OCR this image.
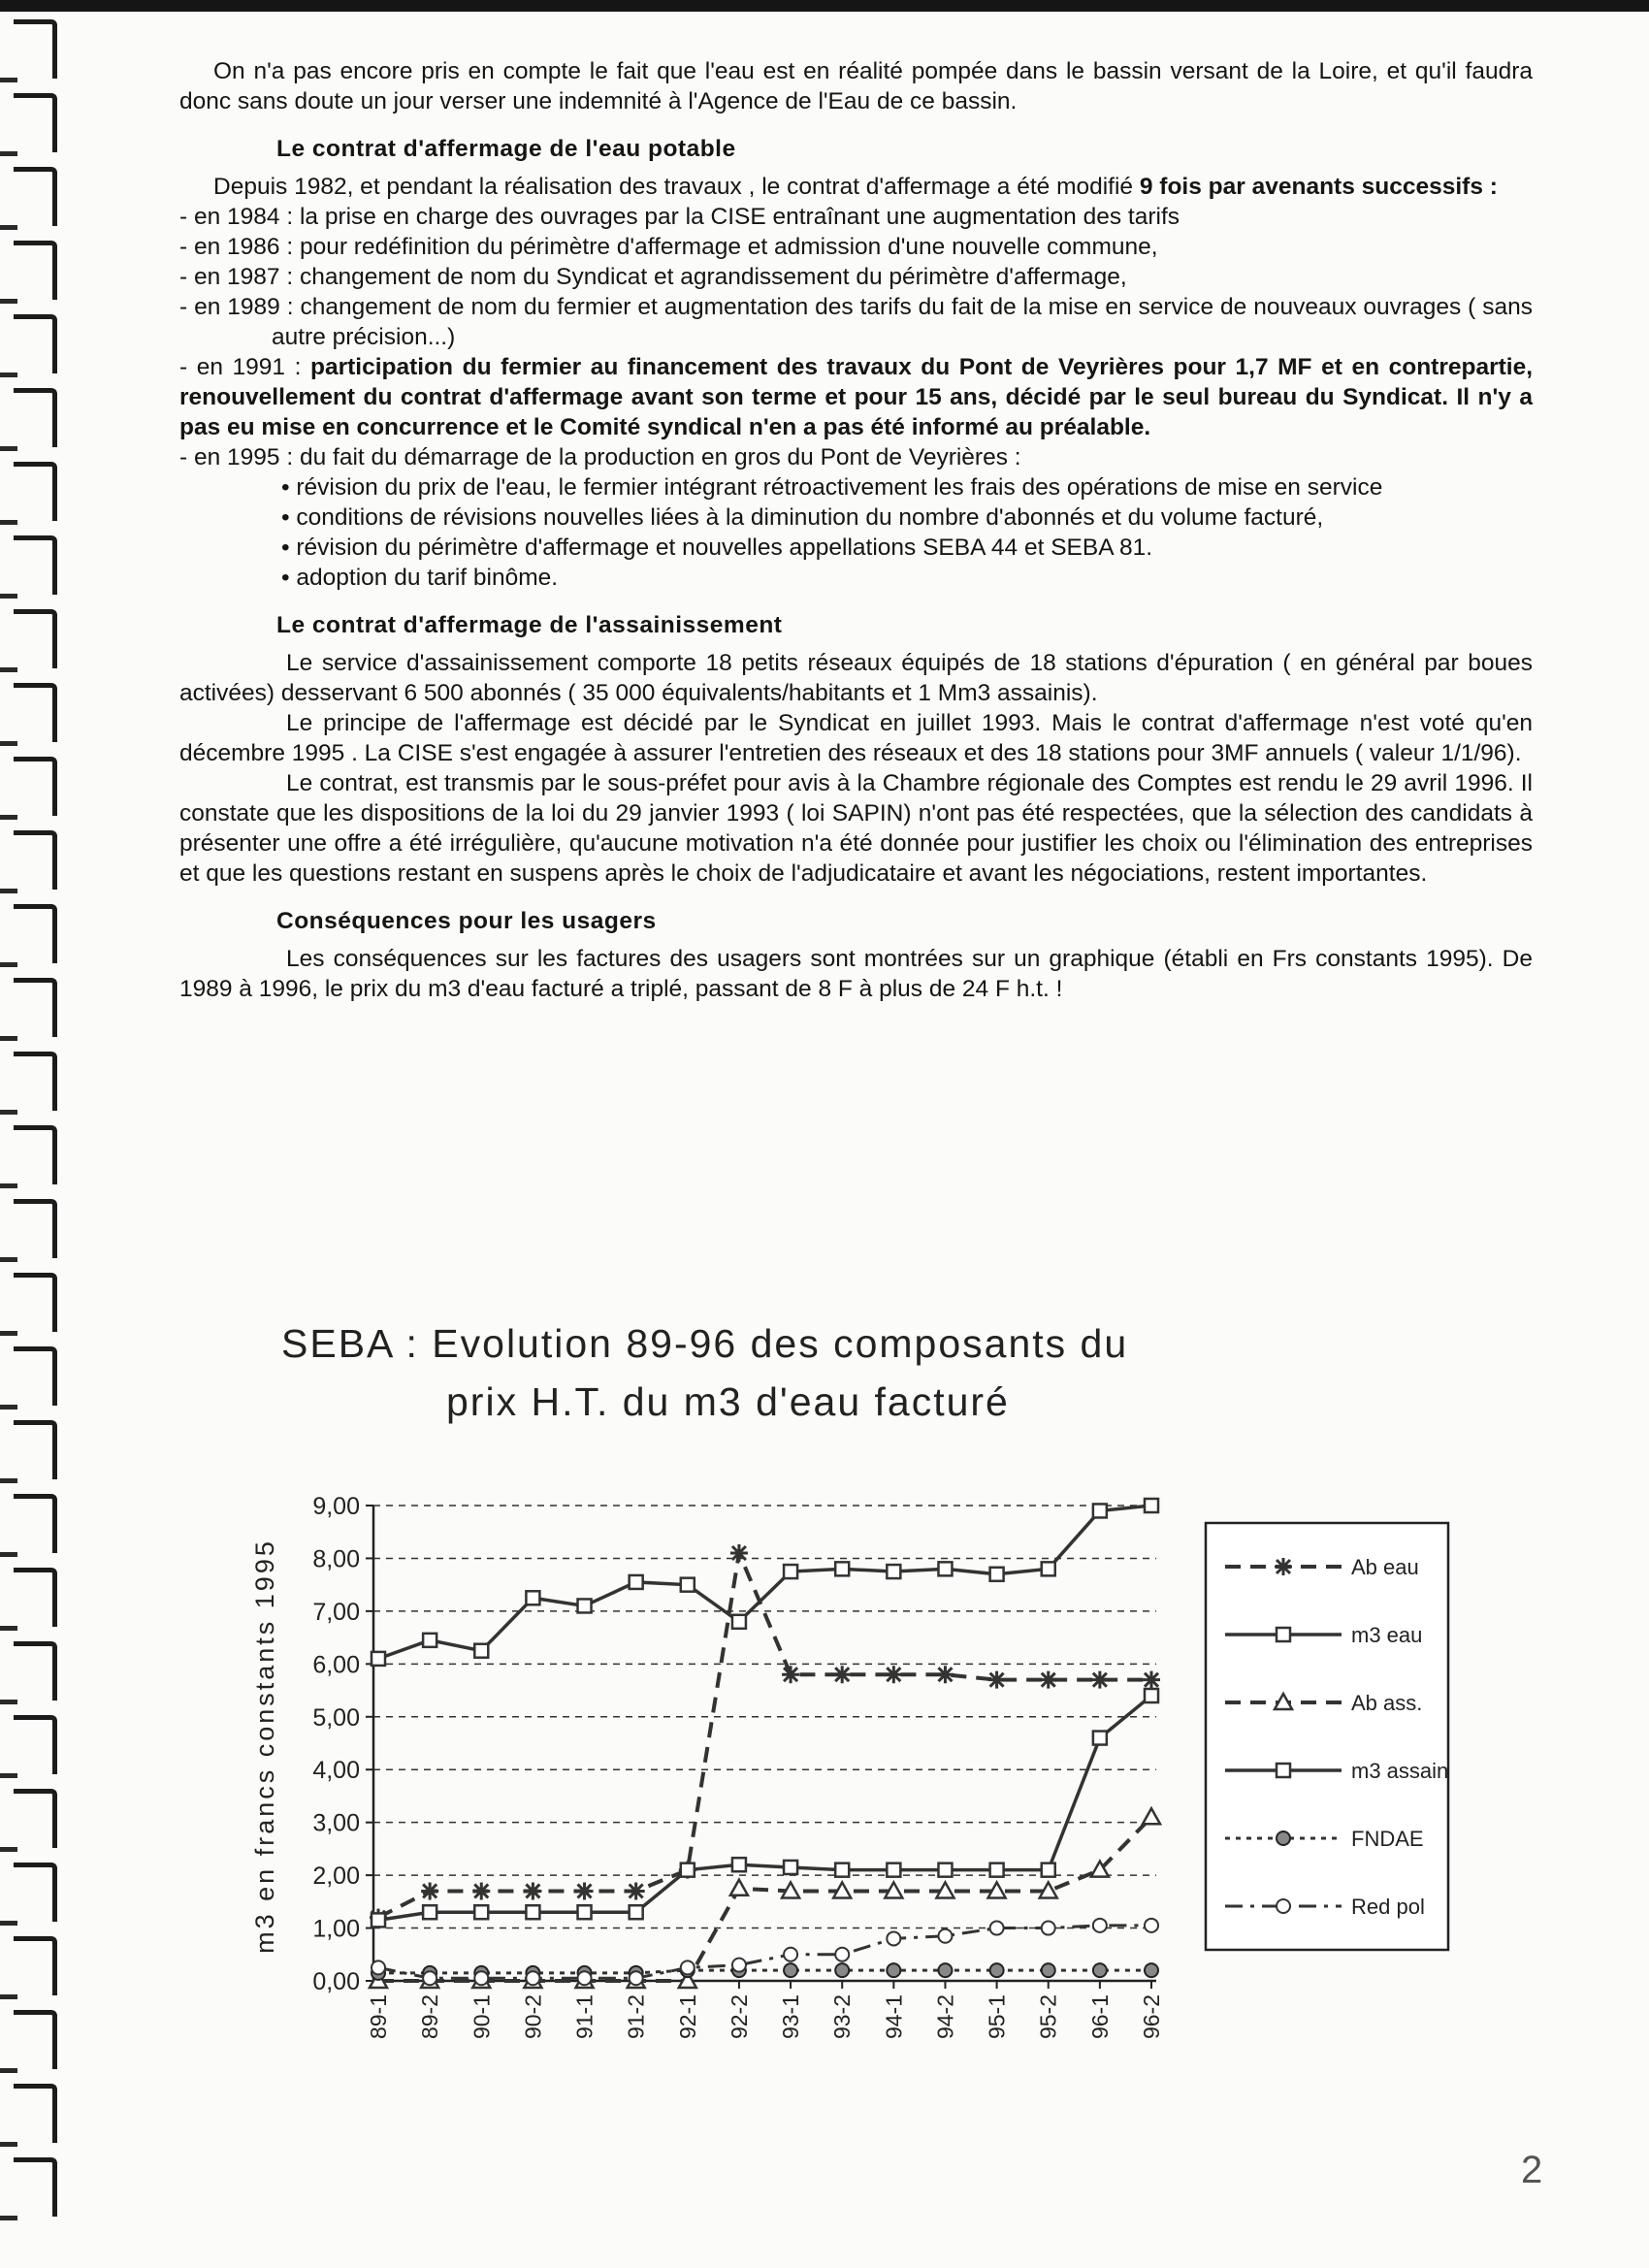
On n'a pas encore pris en compte le fait que l'eau est en réalité pompée dans le bassin versant de la Loire, et qu'il faudra donc sans doute un jour verser une indemnité à l'Agence de l'Eau de ce bassin.

Le contrat d'affermage de l'eau potable

Depuis 1982, et pendant la réalisation des travaux , le contrat d'affermage a été modifié 9 fois par avenants successifs :

- en 1984 : la prise en charge des ouvrages par la CISE entraînant une augmentation des tarifs

- en 1986 : pour redéfinition du périmètre d'affermage et admission d'une nouvelle commune,

- en 1987 : changement de nom du Syndicat et agrandissement du périmètre d'affermage,

- en 1989 : changement de nom du fermier et augmentation des tarifs du fait de la mise en service de nouveaux ouvrages ( sans autre précision...)

- en 1991 : participation du fermier au financement des travaux du Pont de Veyrières pour 1,7 MF et en contrepartie, renouvellement du contrat d'affermage avant son terme et pour 15 ans, décidé par le seul bureau du Syndicat. Il n'y a pas eu mise en concurrence et le Comité syndical n'en a pas été informé au préalable.

- en 1995 : du fait du démarrage de la production en gros du Pont de Veyrières :

• révision du prix de l'eau, le fermier intégrant rétroactivement les frais des opérations de mise en service

• conditions de révisions nouvelles liées à la diminution du nombre d'abonnés et du volume facturé,

• révision du périmètre d'affermage et nouvelles appellations SEBA 44 et SEBA 81.

• adoption du tarif binôme.

Le contrat d'affermage de l'assainissement

Le service d'assainissement comporte 18 petits réseaux équipés de 18 stations d'épuration ( en général par boues activées) desservant 6 500 abonnés ( 35 000 équivalents/habitants et 1 Mm3 assainis).

Le principe de l'affermage est décidé par le Syndicat en juillet 1993. Mais le contrat d'affermage n'est voté qu'en décembre 1995 . La CISE s'est engagée à assurer l'entretien des réseaux et des 18 stations pour 3MF annuels ( valeur 1/1/96).

Le contrat, est transmis par le sous-préfet pour avis à la Chambre régionale des Comptes est rendu le 29 avril 1996. Il constate que les dispositions de la loi du 29 janvier 1993 ( loi SAPIN) n'ont pas été respectées, que la sélection des candidats à présenter une offre a été irrégulière, qu'aucune motivation n'a été donnée pour justifier les choix ou l'élimination des entreprises et que les questions restant en suspens après le choix de l'adjudicataire et avant les négociations, restent importantes.

Conséquences pour les usagers

Les conséquences sur les factures des usagers sont montrées sur un graphique (établi en Frs constants 1995). De 1989 à 1996, le prix du m3 d'eau facturé a triplé, passant de 8 F à plus de 24 F h.t. !

SEBA : Evolution 89-96 des composants du
prix H.T. du m3 d'eau facturé
0,00
1,00
2,00
3,00
4,00
5,00
6,00
7,00
8,00
9,00
m3 en francs constants 1995
89-1 89-2 90-1 90-2 91-1 91-2 92-1 92-2 93-1 93-2 94-1 94-2 95-1 95-2 96-1 96-2
Ab eau
m3 eau
Ab ass.
m3 assain
FNDAE
Red pol
2
